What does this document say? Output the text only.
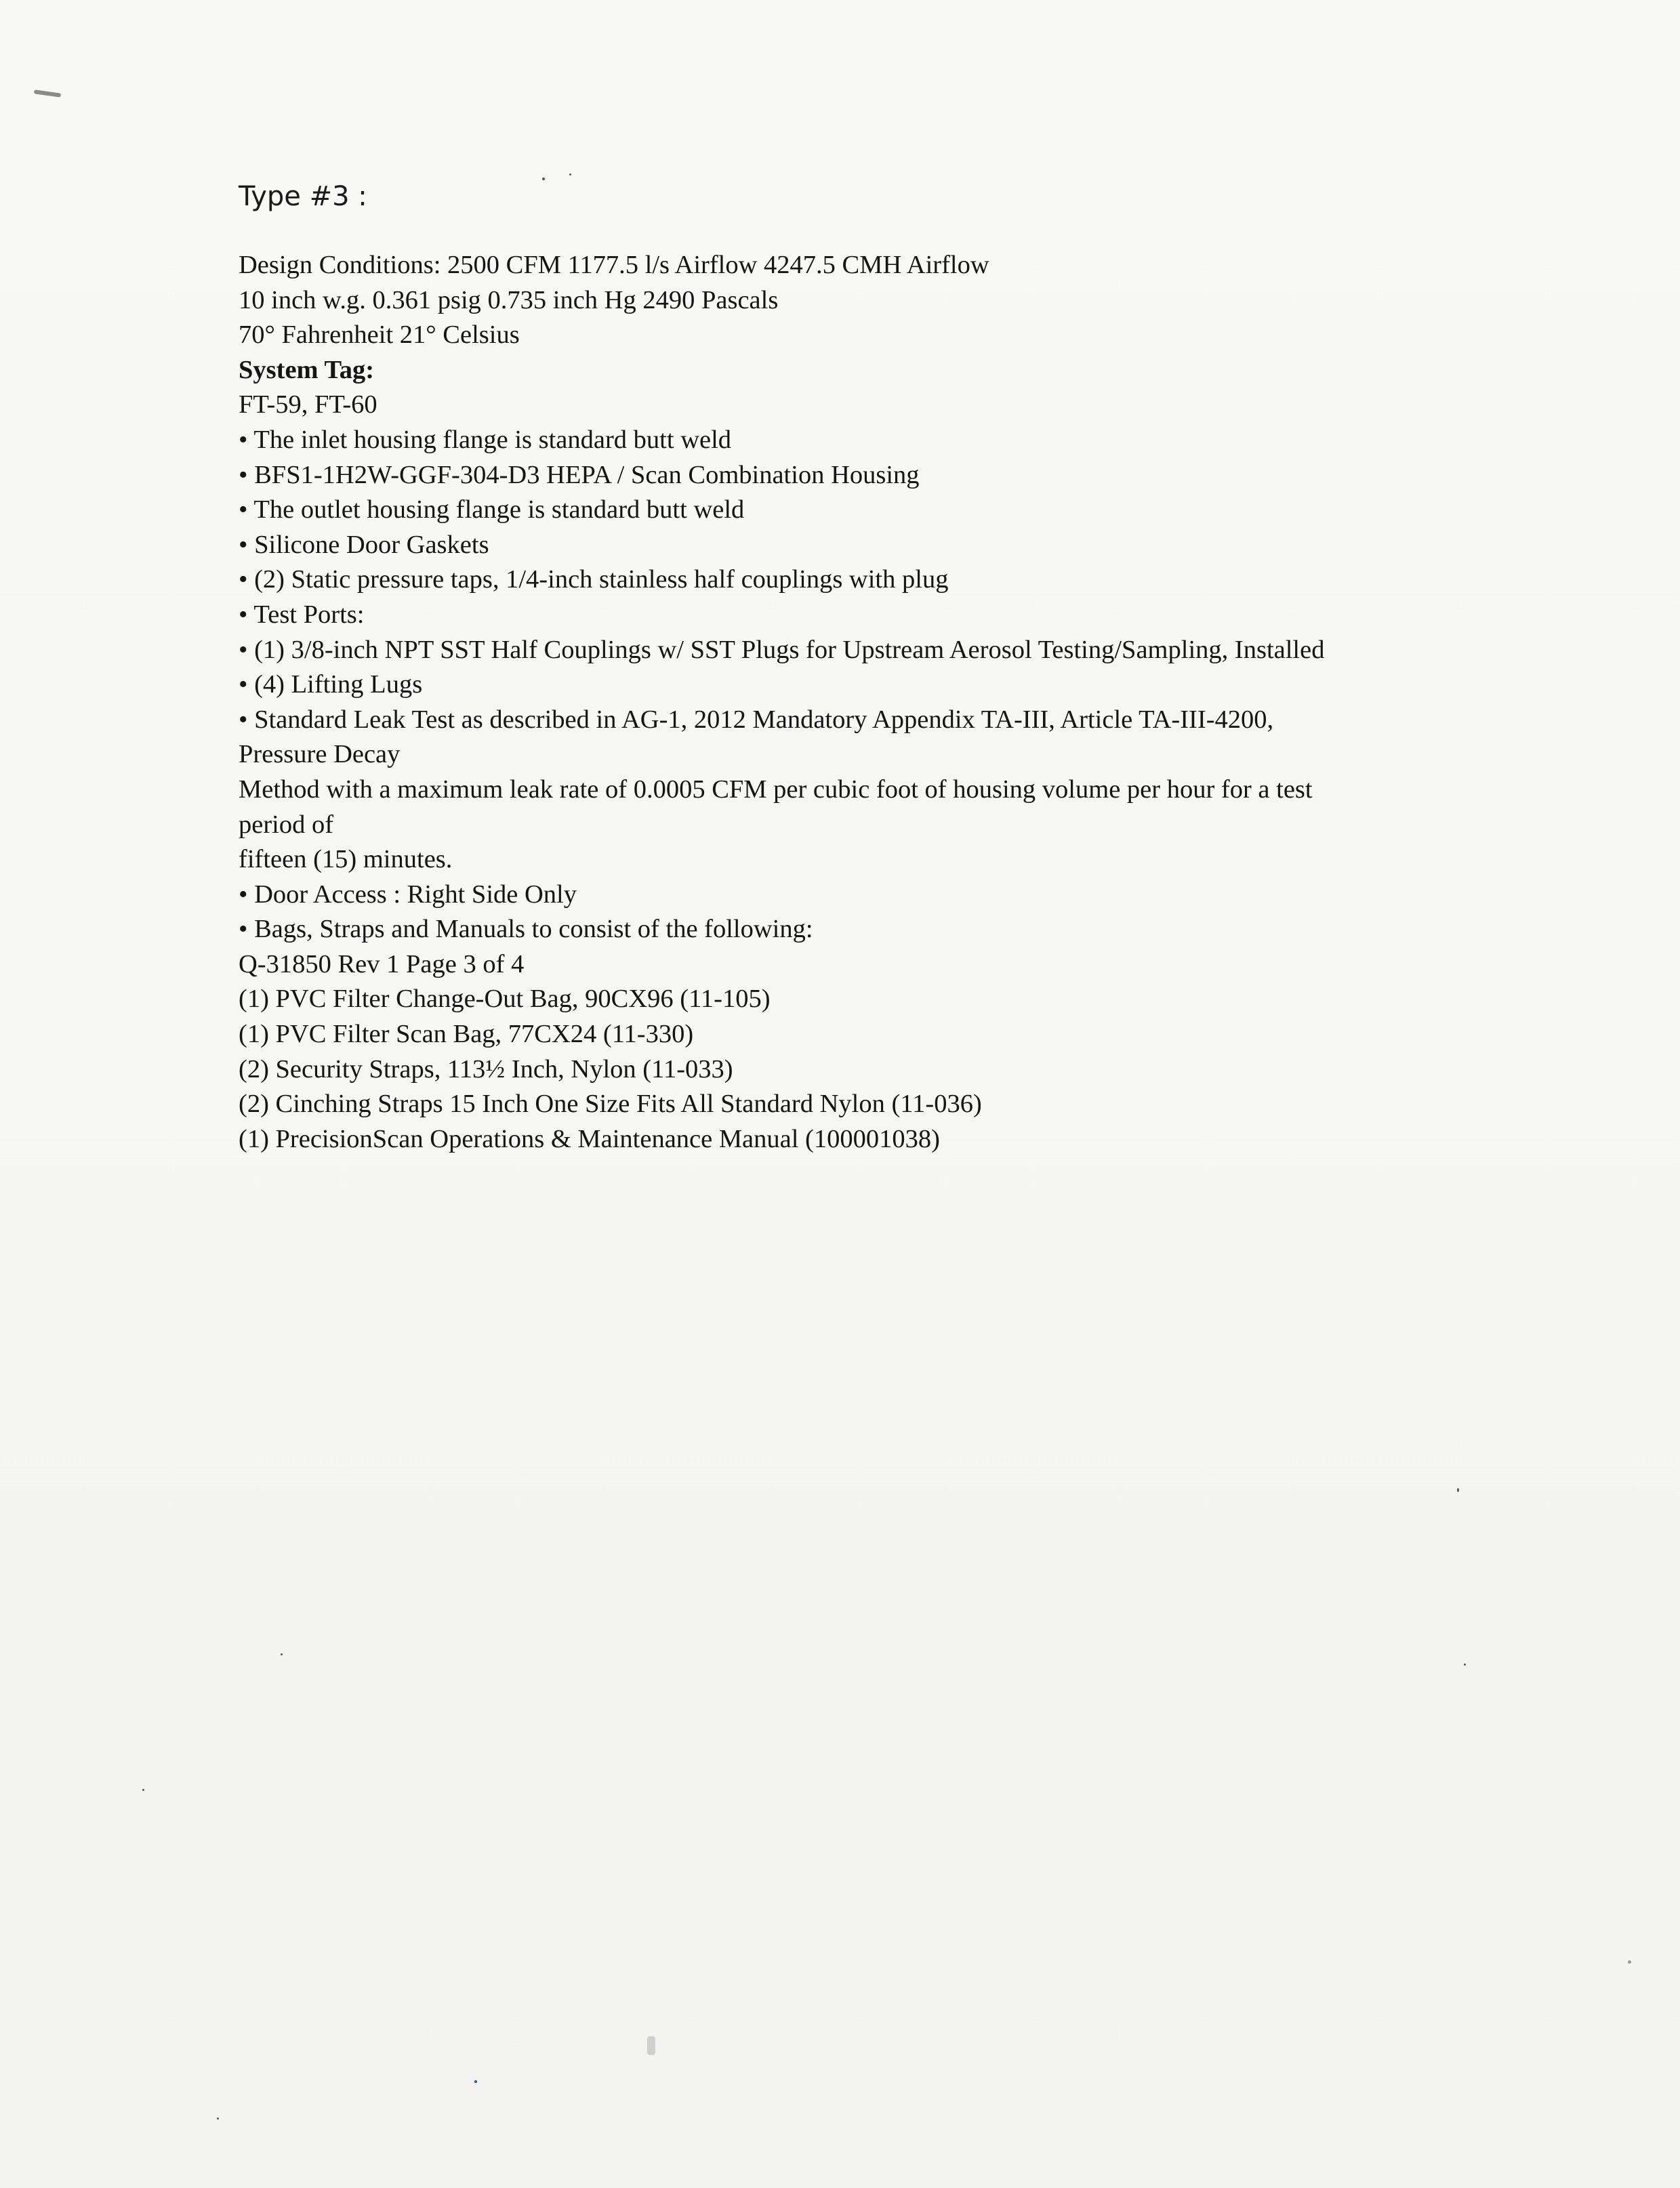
Type #3 :
Design Conditions: 2500 CFM 1177.5 l/s Airflow 4247.5 CMH Airflow
10 inch w.g. 0.361 psig 0.735 inch Hg 2490 Pascals
70° Fahrenheit 21° Celsius
System Tag:
FT-59, FT-60
• The inlet housing flange is standard butt weld
• BFS1-1H2W-GGF-304-D3 HEPA / Scan Combination Housing
• The outlet housing flange is standard butt weld
• Silicone Door Gaskets
• (2) Static pressure taps, 1/4-inch stainless half couplings with plug
• Test Ports:
• (1) 3/8-inch NPT SST Half Couplings w/ SST Plugs for Upstream Aerosol Testing/Sampling, Installed
• (4) Lifting Lugs
• Standard Leak Test as described in AG-1, 2012 Mandatory Appendix TA-III, Article TA-III-4200,
Pressure Decay
Method with a maximum leak rate of 0.0005 CFM per cubic foot of housing volume per hour for a test
period of
fifteen (15) minutes.
• Door Access : Right Side Only
• Bags, Straps and Manuals to consist of the following:
Q-31850 Rev 1 Page 3 of 4
(1) PVC Filter Change-Out Bag, 90CX96 (11-105)
(1) PVC Filter Scan Bag, 77CX24 (11-330)
(2) Security Straps, 113½ Inch, Nylon (11-033)
(2) Cinching Straps 15 Inch One Size Fits All Standard Nylon (11-036)
(1) PrecisionScan Operations & Maintenance Manual (100001038)
